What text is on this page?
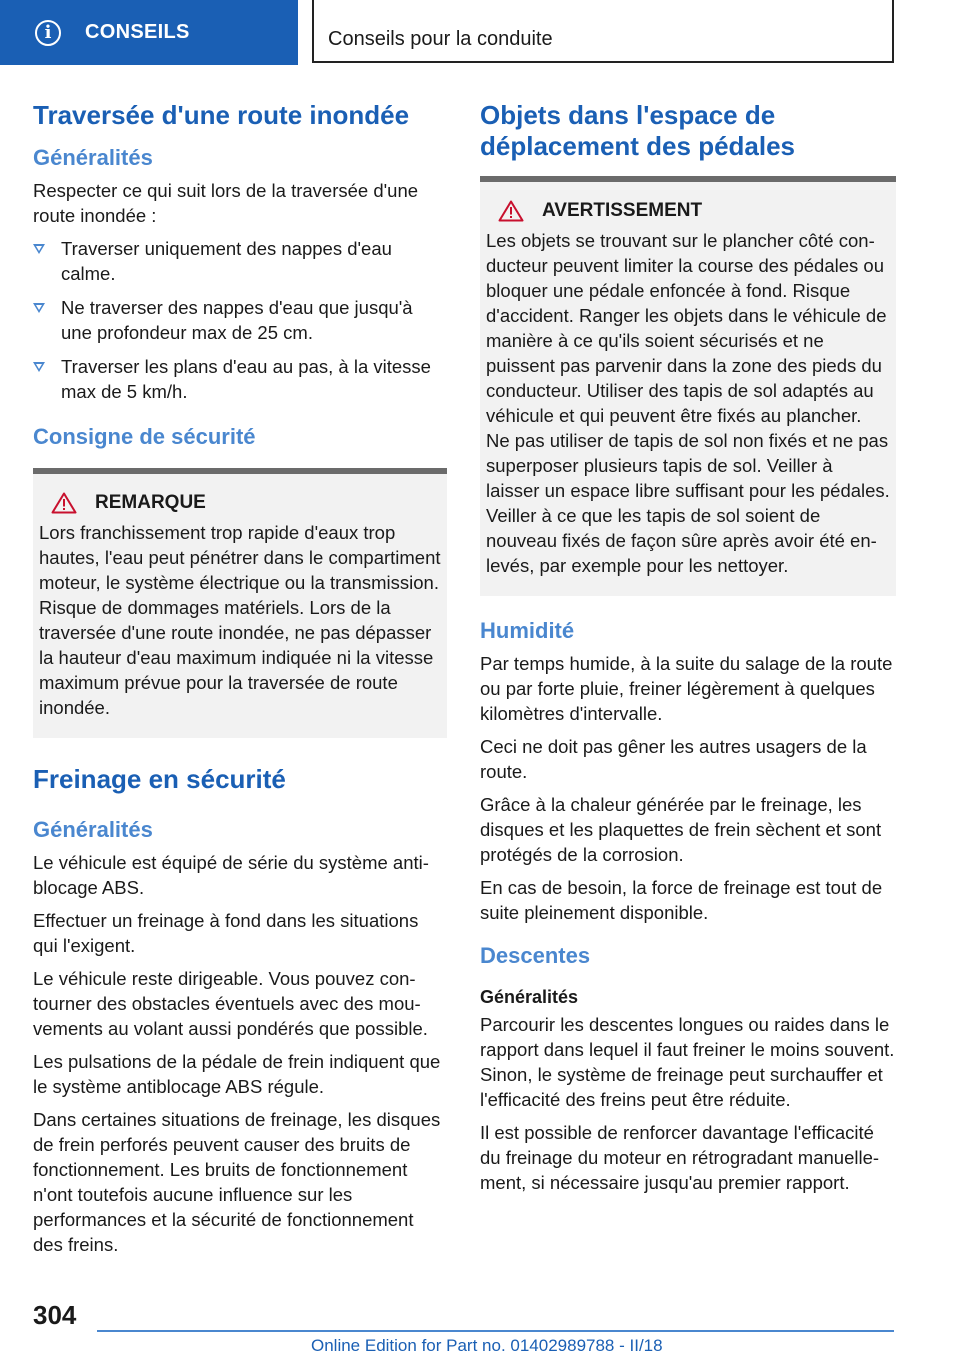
i	CONSEILS	Conseils pour la conduite
Traversée d'une route inondée
Généralités

Respecter ce qui suit lors de la traversée d'une route inondée :

Traverser uniquement des nappes d'eau calme.
Ne traverser des nappes d'eau que jusqu'à une profondeur max de 25 cm.
Traverser les plans d'eau au pas, à la vitesse max de 5 km/h.
Consigne de sécurité
REMARQUE

Lors franchissement trop rapide d'eaux trop hautes, l'eau peut pénétrer dans le compartiment moteur, le système électrique ou la transmission. Risque de dommages matériels. Lors de la traversée d'une route inondée, ne pas dépasser la hauteur d'eau maximum indiquée ni la vitesse maximum prévue pour la traversée de route inondée.

Freinage en sécurité
Généralités

Le véhicule est équipé de série du système antiblocage ABS.

Effectuer un freinage à fond dans les situations qui l'exigent.

Le véhicule reste dirigeable. Vous pouvez contourner des obstacles éventuels avec des mouvements au volant aussi pondérés que possible.

Les pulsations de la pédale de frein indiquent que le système antiblocage ABS régule.

Dans certaines situations de freinage, les disques de frein perforés peuvent causer des bruits de fonctionnement. Les bruits de fonctionnement n'ont toutefois aucune influence sur les performances et la sécurité de fonctionnement des freins.

Objets dans l'espace de déplacement des pédales
AVERTISSEMENT

Les objets se trouvant sur le plancher côté conducteur peuvent limiter la course des pédales ou bloquer une pédale enfoncée à fond. Risque d'accident. Ranger les objets dans le véhicule de manière à ce qu'ils soient sécurisés et ne puissent pas parvenir dans la zone des pieds du conducteur. Utiliser des tapis de sol adaptés au véhicule et qui peuvent être fixés au plancher. Ne pas utiliser de tapis de sol non fixés et ne pas superposer plusieurs tapis de sol. Veiller à laisser un espace libre suffisant pour les pédales. Veiller à ce que les tapis de sol soient de nouveau fixés de façon sûre après avoir été enlevés, par exemple pour les nettoyer.

Humidité

Par temps humide, à la suite du salage de la route ou par forte pluie, freiner légèrement à quelques kilomètres d'intervalle.

Ceci ne doit pas gêner les autres usagers de la route.

Grâce à la chaleur générée par le freinage, les disques et les plaquettes de frein sèchent et sont protégés de la corrosion.

En cas de besoin, la force de freinage est tout de suite pleinement disponible.

Descentes
Généralités

Parcourir les descentes longues ou raides dans le rapport dans lequel il faut freiner le moins souvent. Sinon, le système de freinage peut surchauffer et l'efficacité des freins peut être réduite.

Il est possible de renforcer davantage l'efficacité du freinage du moteur en rétrogradant manuellement, si nécessaire jusqu'au premier rapport.

304
Online Edition for Part no. 01402989788 - II/18
